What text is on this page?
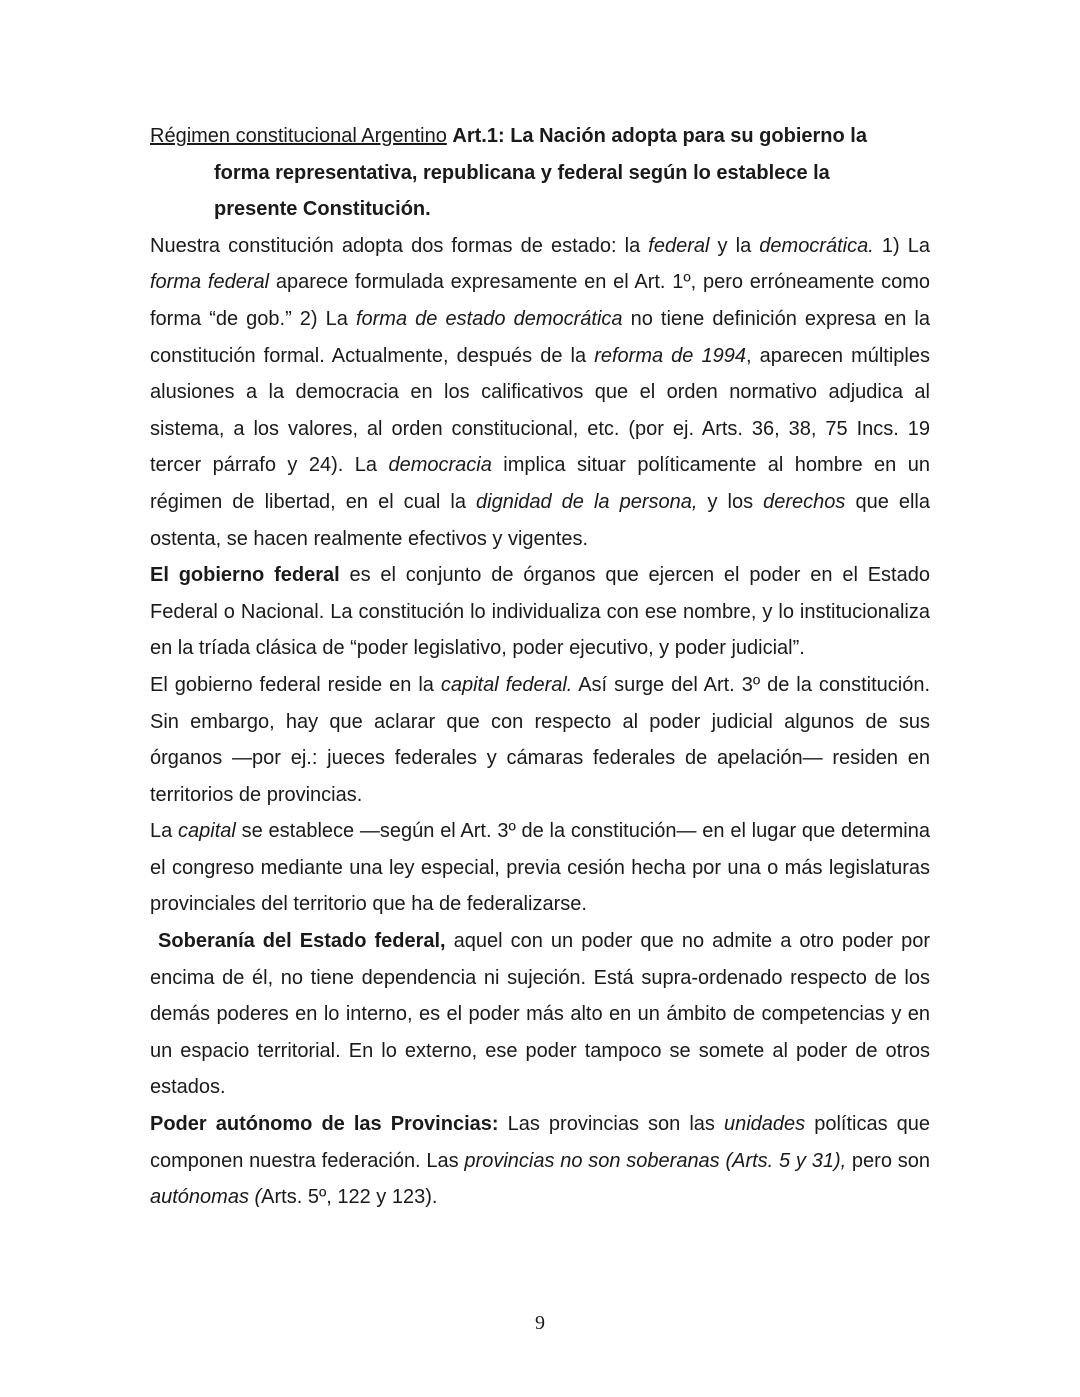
Régimen constitucional Argentino Art.1: La Nación adopta para su gobierno la

forma representativa, republicana y federal según lo establece la
presente Constitución.

Nuestra constitución adopta dos formas de estado: la federal y la democrática. 1) La forma federal aparece formulada expresamente en el Art. 1º, pero erróneamente como forma “de gob.” 2) La forma de estado democrática no tiene definición expresa en la constitución formal. Actualmente, después de la reforma de 1994, aparecen múltiples alusiones a la democracia en los calificativos que el orden normativo adjudica al sistema, a los valores, al orden constitucional, etc. (por ej. Arts. 36, 38, 75 Incs. 19 tercer párrafo y 24). La democracia implica situar políticamente al hombre en un régimen de libertad, en el cual la dignidad de la persona, y los derechos que ella ostenta, se hacen realmente efectivos y vigentes.

El gobierno federal es el conjunto de órganos que ejercen el poder en el Estado Federal o Nacional. La constitución lo individualiza con ese nombre, y lo institucionaliza en la tríada clásica de “poder legislativo, poder ejecutivo, y poder judicial”.

El gobierno federal reside en la capital federal. Así surge del Art. 3º de la constitución. Sin embargo, hay que aclarar que con respecto al poder judicial algunos de sus órganos —por ej.: jueces federales y cámaras federales de apelación— residen en territorios de provincias.

La capital se establece —según el Art. 3º de la constitución— en el lugar que determina el congreso mediante una ley especial, previa cesión hecha por una o más legislaturas provinciales del territorio que ha de federalizarse.

Soberanía del Estado federal, aquel con un poder que no admite a otro poder por encima de él, no tiene dependencia ni sujeción. Está supra-ordenado respecto de los demás poderes en lo interno, es el poder más alto en un ámbito de competencias y en un espacio territorial. En lo externo, ese poder tampoco se somete al poder de otros estados.

Poder autónomo de las Provincias: Las provincias son las unidades políticas que componen nuestra federación. Las provincias no son soberanas (Arts. 5 y 31), pero son autónomas (Arts. 5º, 122 y 123).

9
